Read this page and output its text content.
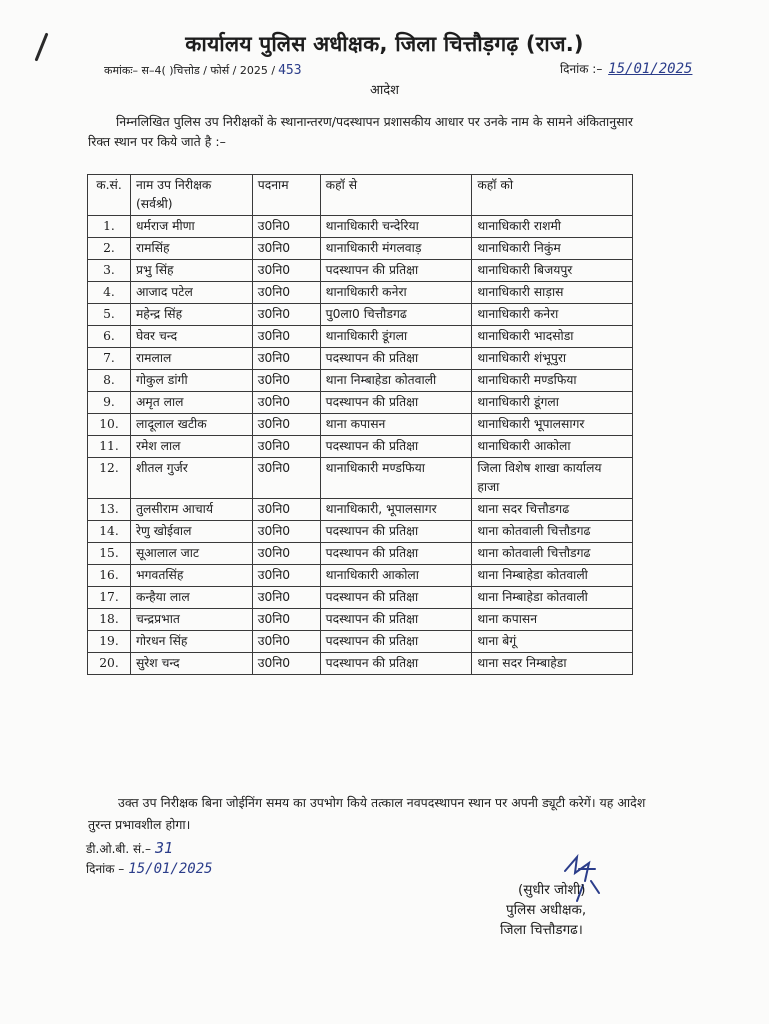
कार्यालय पुलिस अधीक्षक, जिला चित्तौड़गढ़ (राज.)
कमांकः– स–4( )चित्तोड / फोर्स / 2025 / 453	दिनांक :– 15/01/2025
आदेश
निम्नलिखित पुलिस उप निरीक्षकों के स्थानान्तरण/पदस्थापन प्रशासकीय आधार पर उनके नाम के सामने अंकितानुसार रिक्त स्थान पर किये जाते है :–
क.सं.	नाम उप निरीक्षक (सर्वश्री)	पदनाम	कहॉ से	कहॉ को
1.	धर्मराज मीणा	उ0नि0	थानाधिकारी चन्देरिया	थानाधिकारी राशमी
2.	रामसिंह	उ0नि0	थानाधिकारी मंगलवाड़	थानाधिकारी निकुंम
3.	प्रभु सिंह	उ0नि0	पदस्थापन की प्रतिक्षा	थानाधिकारी बिजयपुर
4.	आजाद पटेल	उ0नि0	थानाधिकारी कनेरा	थानाधिकारी साड़ास
5.	महेन्द्र सिंह	उ0नि0	पु0ला0 चित्तौडगढ	थानाधिकारी कनेरा
6.	घेवर चन्द	उ0नि0	थानाधिकारी डूंगला	थानाधिकारी भादसोडा
7.	रामलाल	उ0नि0	पदस्थापन की प्रतिक्षा	थानाधिकारी शंभूपुरा
8.	गोकुल डांगी	उ0नि0	थाना निम्बाहेडा कोतवाली	थानाधिकारी मण्डफिया
9.	अमृत लाल	उ0नि0	पदस्थापन की प्रतिक्षा	थानाधिकारी डूंगला
10.	लादूलाल खटीक	उ0नि0	थाना कपासन	थानाधिकारी भूपालसागर
11.	रमेश लाल	उ0नि0	पदस्थापन की प्रतिक्षा	थानाधिकारी आकोला
12.	शीतल गुर्जर	उ0नि0	थानाधिकारी मण्डफिया	जिला विशेष शाखा कार्यालय हाजा
13.	तुलसीराम आचार्य	उ0नि0	थानाधिकारी, भूपालसागर	थाना सदर चित्तौडगढ
14.	रेणु खोईवाल	उ0नि0	पदस्थापन की प्रतिक्षा	थाना कोतवाली चित्तौडगढ
15.	सूआलाल जाट	उ0नि0	पदस्थापन की प्रतिक्षा	थाना कोतवाली चित्तौडगढ
16.	भगवतसिंह	उ0नि0	थानाधिकारी आकोला	थाना निम्बाहेडा कोतवाली
17.	कन्हैया लाल	उ0नि0	पदस्थापन की प्रतिक्षा	थाना निम्बाहेडा कोतवाली
18.	चन्द्रप्रभात	उ0नि0	पदस्थापन की प्रतिक्षा	थाना कपासन
19.	गोरधन सिंह	उ0नि0	पदस्थापन की प्रतिक्षा	थाना बेगूं
20.	सुरेश चन्द	उ0नि0	पदस्थापन की प्रतिक्षा	थाना सदर निम्बाहेडा
उक्त उप निरीक्षक बिना जोईनिंग समय का उपभोग किये तत्काल नवपदस्थापन स्थान पर अपनी ड्यूटी करेगें। यह आदेश तुरन्त प्रभावशील होगा।
डी.ओ.बी. सं.– 31
दिनांक – 15/01/2025
(सुधीर जोशी)
पुलिस अधीक्षक,
जिला चित्तौडगढ।
